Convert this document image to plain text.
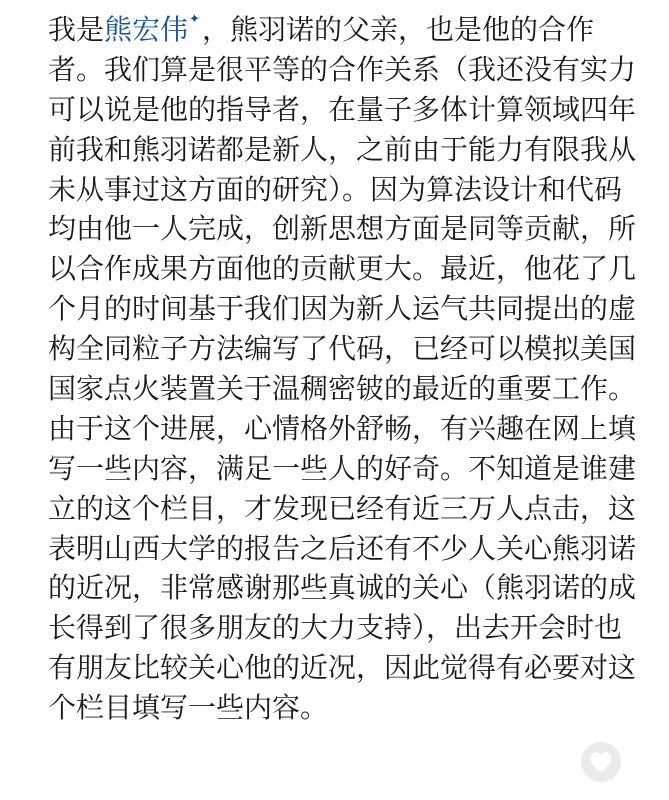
我是熊宏伟✦，熊羽诺的父亲，也是他的合作
者。我们算是很平等的合作关系（我还没有实力
可以说是他的指导者，在量子多体计算领域四年
前我和熊羽诺都是新人，之前由于能力有限我从
未从事过这方面的研究）。因为算法设计和代码
均由他一人完成，创新思想方面是同等贡献，所
以合作成果方面他的贡献更大。最近，他花了几
个月的时间基于我们因为新人运气共同提出的虚
构全同粒子方法编写了代码，已经可以模拟美国
国家点火装置关于温稠密铍的最近的重要工作。
由于这个进展，心情格外舒畅，有兴趣在网上填
写一些内容，满足一些人的好奇。不知道是谁建
立的这个栏目，才发现已经有近三万人点击，这
表明山西大学的报告之后还有不少人关心熊羽诺
的近况，非常感谢那些真诚的关心（熊羽诺的成
长得到了很多朋友的大力支持），出去开会时也
有朋友比较关心他的近况，因此觉得有必要对这
个栏目填写一些内容。
